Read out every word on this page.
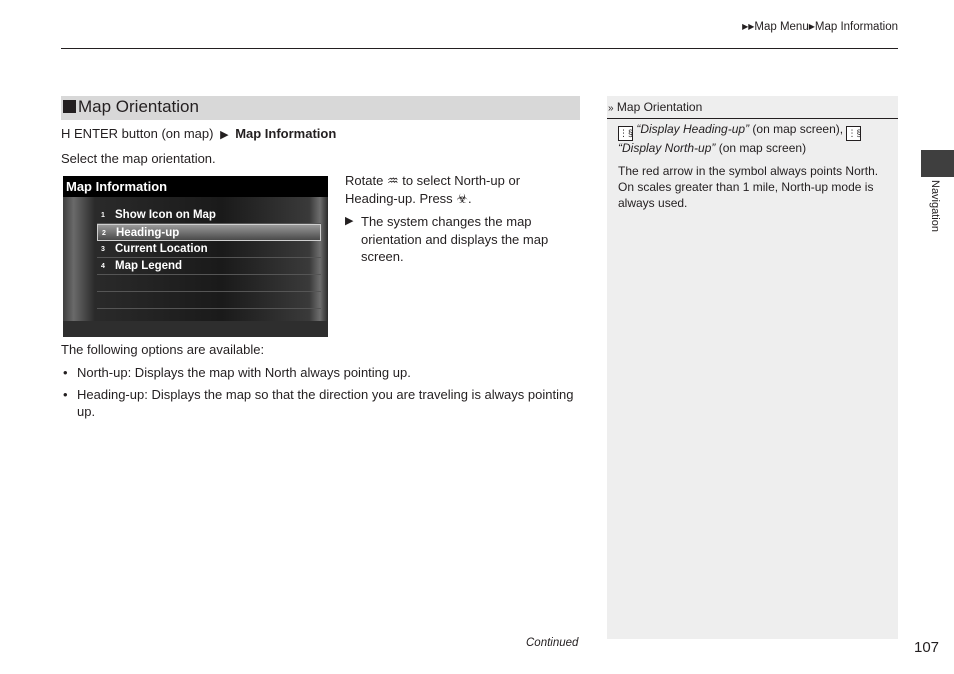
▶▶Map Menu▶Map Information
Map Orientation
H ENTER button (on map) ▶ Map Information
Select the map orientation.
Map Information
1 Show Icon on Map
2 Heading-up
3 Current Location
4 Map Legend
Rotate ♒ to select North-up or Heading-up. Press ☣.
▶ The system changes the map orientation and displays the map screen.
The following options are available:
• North-up: Displays the map with North always pointing up.
• Heading-up: Displays the map so that the direction you are traveling is always pointing up.
Continued
» Map Orientation
⋮§ “Display Heading-up” (on map screen), ⋮§ “Display North-up” (on map screen)
The red arrow in the symbol always points North. On scales greater than 1 mile, North-up mode is always used.	Navigation
107
